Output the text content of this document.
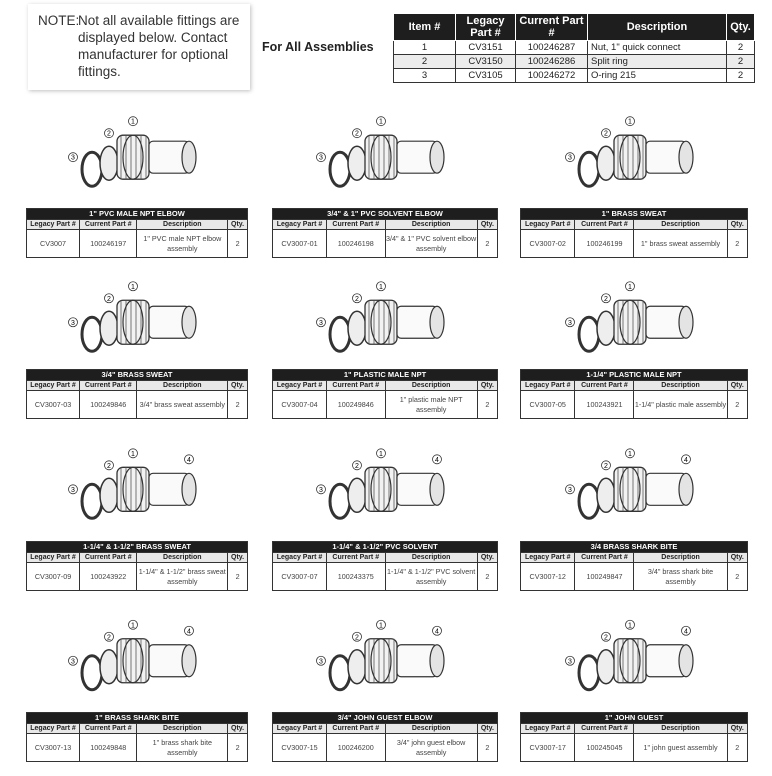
NOTE:
Not all available fittings are displayed below. Contact manufacturer for optional fittings.
For All Assemblies
Item #	Legacy Part #	Current Part #	Description	Qty.
1	CV3151	100246287	Nut, 1" quick connect	2
2	CV3150	100246286	Split ring	2
3	CV3105	100246272	O-ring 215	2
1
2
3
1" PVC MALE NPT ELBOW			
Legacy Part #	Current Part #	Description	Qty.
CV3007	100246197	1" PVC male NPT elbow assembly	2
1
2
3
3/4" & 1" PVC SOLVENT ELBOW			
Legacy Part #	Current Part #	Description	Qty.
CV3007-01	100246198	3/4" & 1" PVC solvent elbow assembly	2
1
2
3
1" BRASS SWEAT			
Legacy Part #	Current Part #	Description	Qty.
CV3007-02	100246199	1" brass sweat assembly	2
1
2
3
3/4" BRASS SWEAT			
Legacy Part #	Current Part #	Description	Qty.
CV3007-03	100249846	3/4" brass sweat assembly	2
1
2
3
1" PLASTIC MALE NPT			
Legacy Part #	Current Part #	Description	Qty.
CV3007-04	100249846	1" plastic male NPT assembly	2
1
2
3
1-1/4" PLASTIC MALE NPT			
Legacy Part #	Current Part #	Description	Qty.
CV3007-05	100243921	1-1/4" plastic male assembly	2
1
2
3
4
1-1/4" & 1-1/2" BRASS SWEAT			
Legacy Part #	Current Part #	Description	Qty.
CV3007-09	100243922	1-1/4" & 1-1/2" brass sweat assembly	2
1
2
3
4
1-1/4" & 1-1/2" PVC SOLVENT			
Legacy Part #	Current Part #	Description	Qty.
CV3007-07	100243375	1-1/4" & 1-1/2" PVC solvent assembly	2
1
2
3
4
3/4 BRASS SHARK BITE			
Legacy Part #	Current Part #	Description	Qty.
CV3007-12	100249847	3/4" brass shark bite assembly	2
1
2
3
4
1" BRASS SHARK BITE			
Legacy Part #	Current Part #	Description	Qty.
CV3007-13	100249848	1" brass shark bite assembly	2
1
2
3
4
3/4" JOHN GUEST ELBOW			
Legacy Part #	Current Part #	Description	Qty.
CV3007-15	100246200	3/4" john guest elbow assembly	2
1
2
3
4
1" JOHN GUEST			
Legacy Part #	Current Part #	Description	Qty.
CV3007-17	100245045	1" john guest assembly	2
